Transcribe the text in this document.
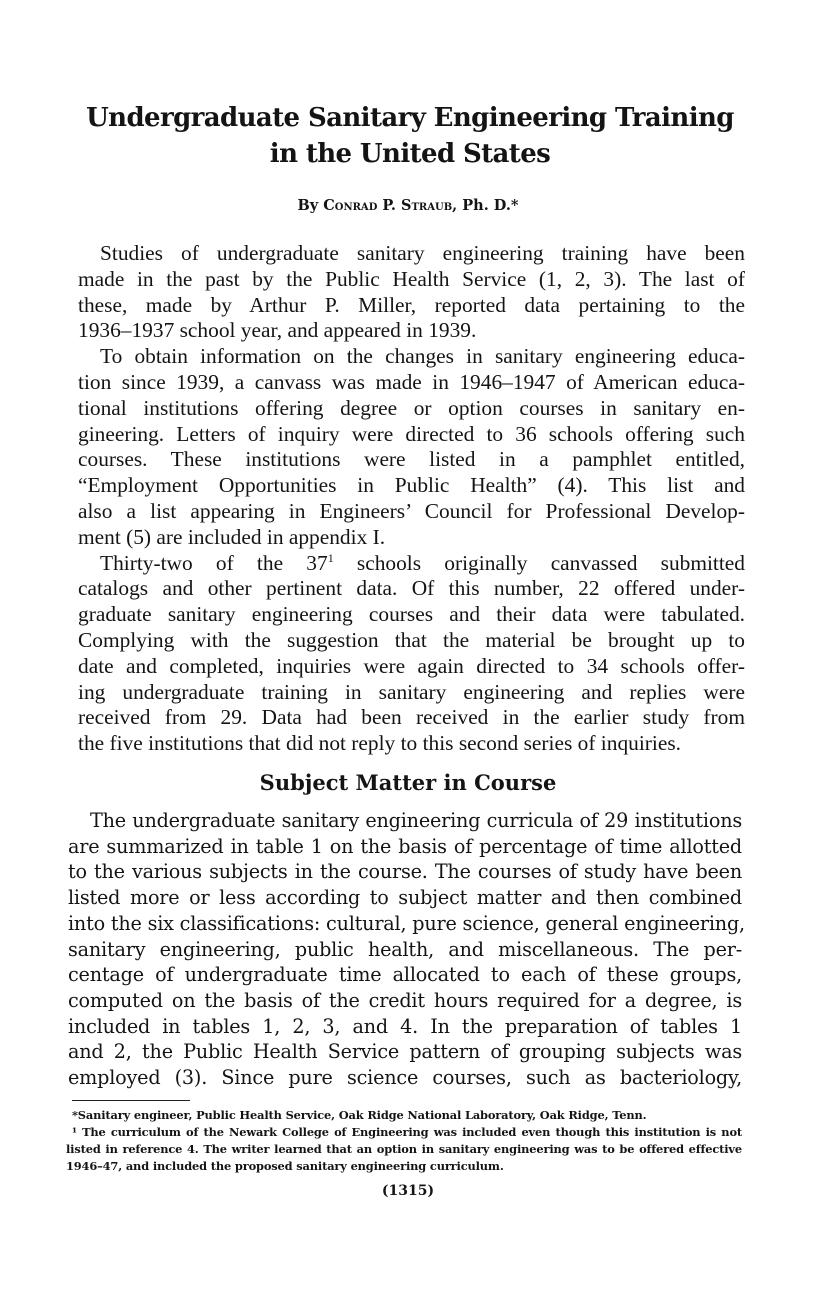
Undergraduate Sanitary Engineering Training
in the United States
By Conrad P. Straub, Ph. D.*
Studies of undergraduate sanitary engineering training have been
made in the past by the Public Health Service (1, 2, 3). The last of
these, made by Arthur P. Miller, reported data pertaining to the
1936–1937 school year, and appeared in 1939.
To obtain information on the changes in sanitary engineering educa-
tion since 1939, a canvass was made in 1946–1947 of American educa-
tional institutions offering degree or option courses in sanitary en-
gineering. Letters of inquiry were directed to 36 schools offering such
courses. These institutions were listed in a pamphlet entitled,
“Employment Opportunities in Public Health” (4). This list and
also a list appearing in Engineers’ Council for Professional Develop-
ment (5) are included in appendix I.
Thirty-two of the $37^1$ schools originally canvassed submitted
catalogs and other pertinent data. Of this number, 22 offered under-
graduate sanitary engineering courses and their data were tabulated.
Complying with the suggestion that the material be brought up to
date and completed, inquiries were again directed to 34 schools offer-
ing undergraduate training in sanitary engineering and replies were
received from 29. Data had been received in the earlier study from
the five institutions that did not reply to this second series of inquiries.
Subject Matter in Course
The undergraduate sanitary engineering curricula of 29 institutions
are summarized in table 1 on the basis of percentage of time allotted
to the various subjects in the course. The courses of study have been
listed more or less according to subject matter and then combined
into the six classifications: cultural, pure science, general engineering,
sanitary engineering, public health, and miscellaneous. The per-
centage of undergraduate time allocated to each of these groups,
computed on the basis of the credit hours required for a degree, is
included in tables 1, 2, 3, and 4. In the preparation of tables 1
and 2, the Public Health Service pattern of grouping subjects was
employed (3). Since pure science courses, such as bacteriology,
*Sanitary engineer, Public Health Service, Oak Ridge National Laboratory, Oak Ridge, Tenn.
¹ The curriculum of the Newark College of Engineering was included even though this institution is not
listed in reference 4. The writer learned that an option in sanitary engineering was to be offered effective
1946–47, and included the proposed sanitary engineering curriculum.
(1315)
